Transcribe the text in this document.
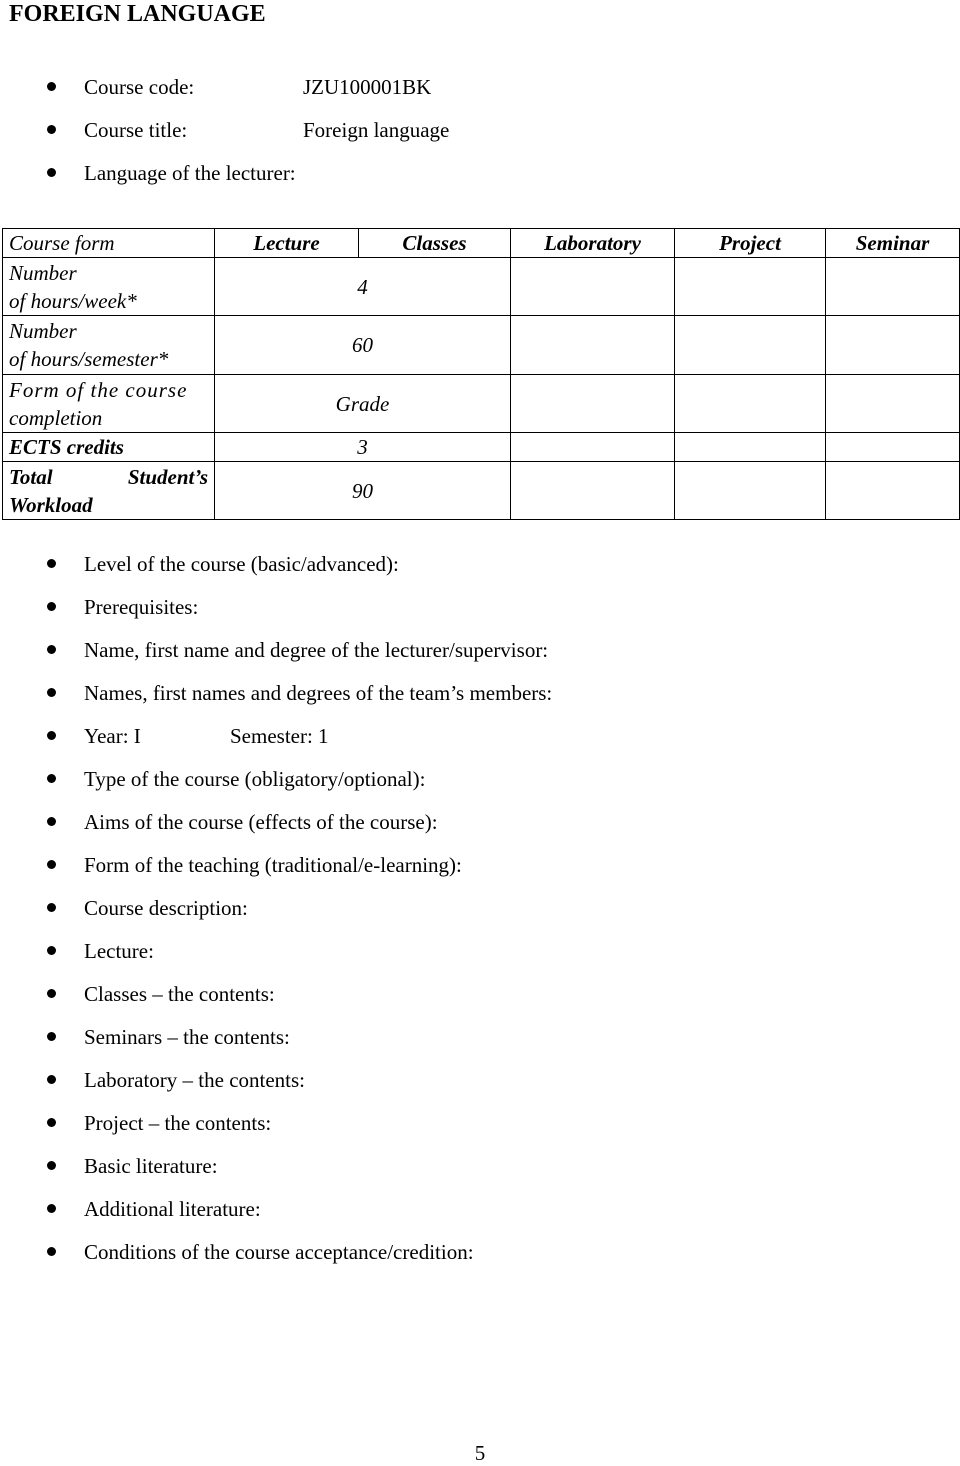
FOREIGN LANGUAGE
Course code:	JZU100001BK
Course title:	Foreign language
Language of the lecturer:
Course form	Lecture	Classes	Laboratory	Project	Seminar

Number
of hours/week*	4				

Number
of hours/semester*	60				

Form of the course
completion	Grade				
ECTS credits	3				

Total Student’s
Workload	90				
Level of the course (basic/advanced):
Prerequisites:
Name, first name and degree of the lecturer/supervisor:
Names, first names and degrees of the team’s members:
Year: I	Semester: 1
Type of the course (obligatory/optional):
Aims of the course (effects of the course):
Form of the teaching (traditional/e-learning):
Course description:
Lecture:
Classes – the contents:
Seminars – the contents:
Laboratory – the contents:
Project – the contents:
Basic literature:
Additional literature:
Conditions of the course acceptance/credition:
5
